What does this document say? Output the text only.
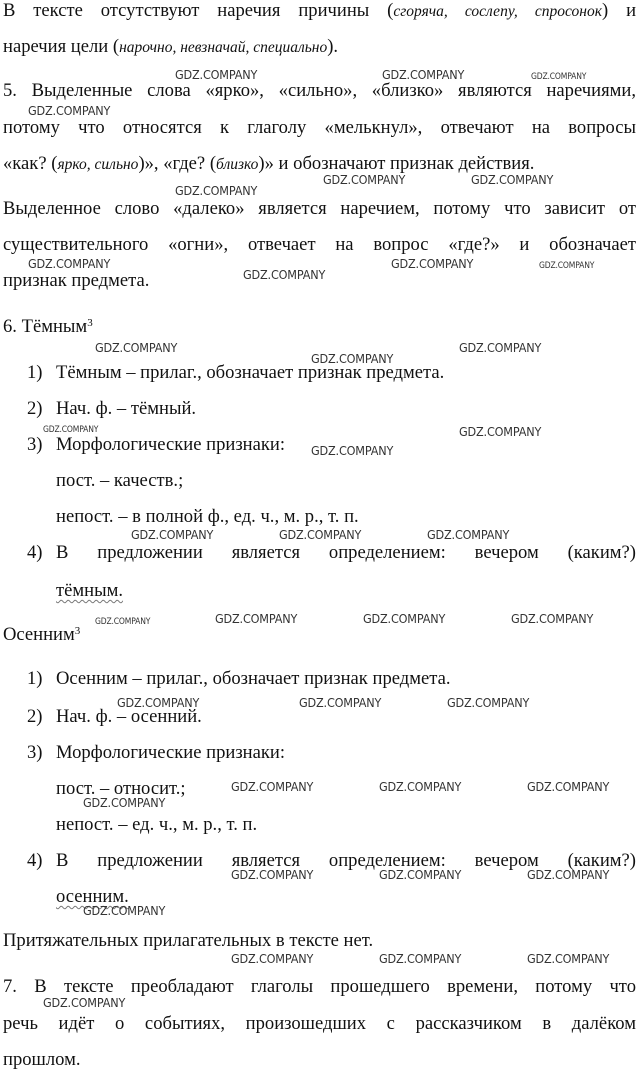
В тексте отсутствуют наречия причины (сгоряча, сослепу, спросонок) и
наречия цели (нарочно, невзначай, специально).
5. Выделенные слова «ярко», «сильно», «близко» являются наречиями,
потому что относятся к глаголу «мелькнул», отвечают на вопросы
«как? (ярко, сильно)», «где? (близко)» и обозначают признак действия.
Выделенное слово «далеко» является наречием, потому что зависит от
существительного «огни», отвечает на вопрос «где?» и обозначает
признак предмета.
6. Тёмным$^3$
1) Тёмным – прилаг., обозначает признак предмета.
2) Нач. ф. – тёмный.
3) Морфологические признаки:
пост. – качеств.;
непост. – в полной ф., ед. ч., м. р., т. п.
4) В предложении является определением: вечером (каким?)
тёмным.
Осенним$^3$
1) Осенним – прилаг., обозначает признак предмета.
2) Нач. ф. – осенний.
3) Морфологические признаки:
пост. – относит.;
непост. – ед. ч., м. р., т. п.
4) В предложении является определением: вечером (каким?)
осенним.
Притяжательных прилагательных в тексте нет.
7. В тексте преобладают глаголы прошедшего времени, потому что
речь идёт о событиях, произошедших с рассказчиком в далёком
прошлом.
GDZ.COMPANY	GDZ.COMPANY	GDZ.COMPANY
GDZ.COMPANY
GDZ.COMPANY	GDZ.COMPANY
GDZ.COMPANY
GDZ.COMPANY	GDZ.COMPANY	GDZ.COMPANY
GDZ.COMPANY
GDZ.COMPANY	GDZ.COMPANY
GDZ.COMPANY
GDZ.COMPANY	GDZ.COMPANY
GDZ.COMPANY
GDZ.COMPANY	GDZ.COMPANY	GDZ.COMPANY
GDZ.COMPANY	GDZ.COMPANY	GDZ.COMPANY	GDZ.COMPANY
GDZ.COMPANY	GDZ.COMPANY	GDZ.COMPANY
GDZ.COMPANY	GDZ.COMPANY	GDZ.COMPANY
GDZ.COMPANY
GDZ.COMPANY	GDZ.COMPANY	GDZ.COMPANY
GDZ.COMPANY
GDZ.COMPANY	GDZ.COMPANY	GDZ.COMPANY
GDZ.COMPANY
